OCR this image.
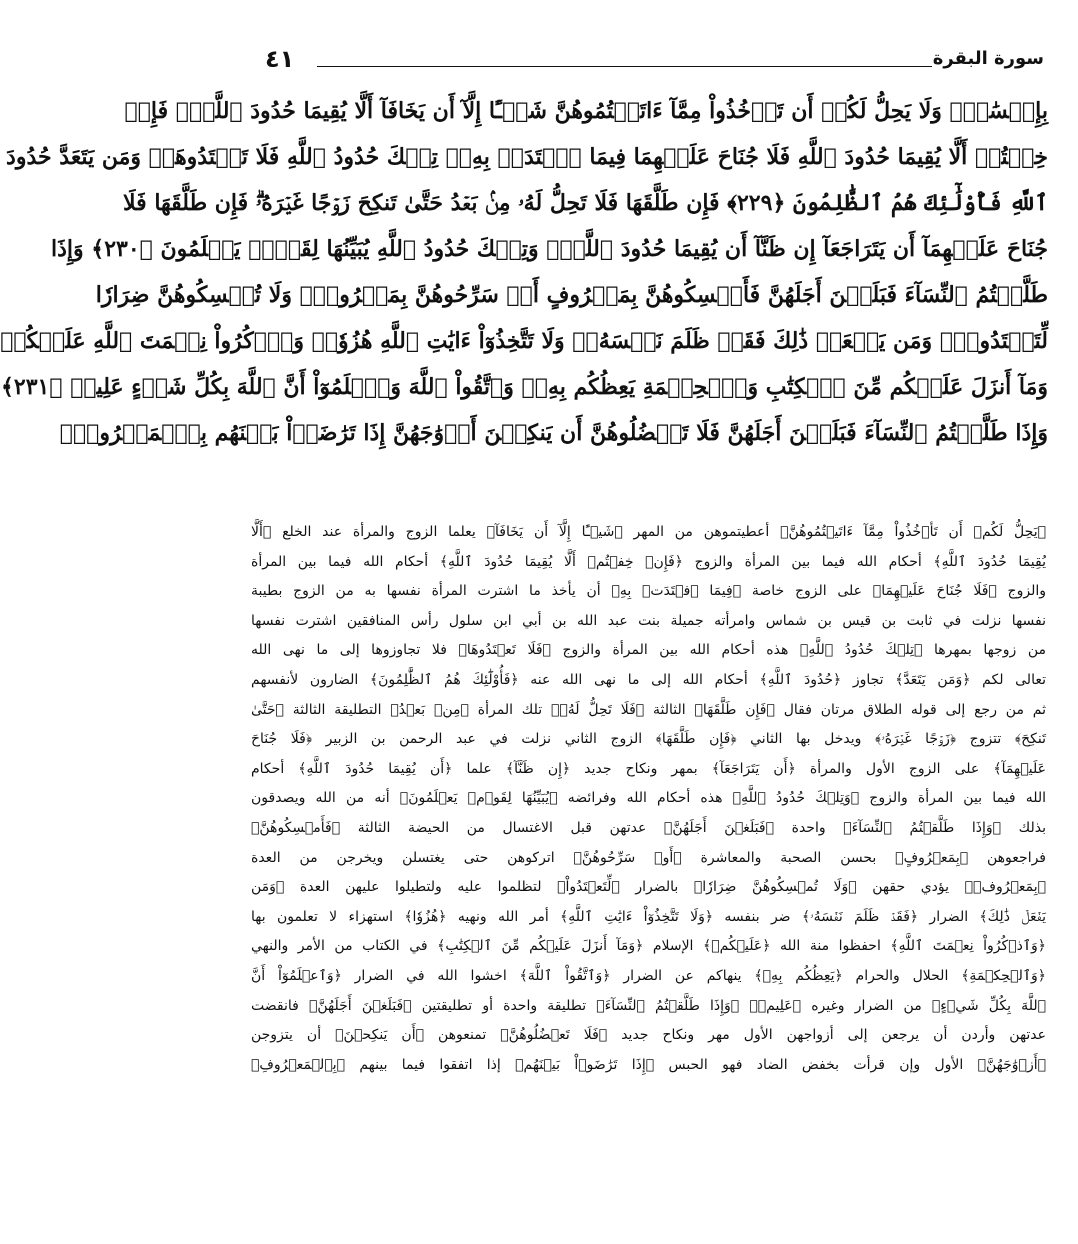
٤١	سورة البقرة
بِإِحۡسَٰنٖۗ وَلَا يَحِلُّ لَكُمۡ أَن تَأۡخُذُواْ مِمَّآ ءَاتَيۡتُمُوهُنَّ شَيۡـًٔا إِلَّآ أَن يَخَافَآ أَلَّا يُقِيمَا حُدُودَ ٱللَّهِۖ فَإِنۡ
خِفۡتُمۡ أَلَّا يُقِيمَا حُدُودَ ٱللَّهِ فَلَا جُنَاحَ عَلَيۡهِمَا فِيمَا ٱفۡتَدَتۡ بِهِۦۗ تِلۡكَ حُدُودُ ٱللَّهِ فَلَا تَعۡتَدُوهَاۚ وَمَن يَتَعَدَّ حُدُودَ
ٱللَّهِ فَأُوْلَٰٓئِكَ هُمُ ٱلظَّٰلِمُونَ ﴿٢٢٩﴾ فَإِن طَلَّقَهَا فَلَا تَحِلُّ لَهُۥ مِنۢ بَعۡدُ حَتَّىٰ تَنكِحَ زَوۡجًا غَيۡرَهُۥۗ فَإِن طَلَّقَهَا فَلَا
جُنَاحَ عَلَيۡهِمَآ أَن يَتَرَاجَعَآ إِن ظَنَّآ أَن يُقِيمَا حُدُودَ ٱللَّهِۗ وَتِلۡكَ حُدُودُ ٱللَّهِ يُبَيِّنُهَا لِقَوۡمٖ يَعۡلَمُونَ ﴿٢٣٠﴾ وَإِذَا
طَلَّقۡتُمُ ٱلنِّسَآءَ فَبَلَغۡنَ أَجَلَهُنَّ فَأَمۡسِكُوهُنَّ بِمَعۡرُوفٍ أَوۡ سَرِّحُوهُنَّ بِمَعۡرُوفٖۚ وَلَا تُمۡسِكُوهُنَّ ضِرَارٗا
لِّتَعۡتَدُواْۚ وَمَن يَفۡعَلۡ ذَٰلِكَ فَقَدۡ ظَلَمَ نَفۡسَهُۥۚ وَلَا تَتَّخِذُوٓاْ ءَايَٰتِ ٱللَّهِ هُزُوٗاۚ وَٱذۡكُرُواْ نِعۡمَتَ ٱللَّهِ عَلَيۡكُمۡ
وَمَآ أَنزَلَ عَلَيۡكُم مِّنَ ٱلۡكِتَٰبِ وَٱلۡحِكۡمَةِ يَعِظُكُم بِهِۦۚ وَٱتَّقُواْ ٱللَّهَ وَٱعۡلَمُوٓاْ أَنَّ ٱللَّهَ بِكُلِّ شَيۡءٍ عَلِيمٞ ﴿٢٣١﴾
وَإِذَا طَلَّقۡتُمُ ٱلنِّسَآءَ فَبَلَغۡنَ أَجَلَهُنَّ فَلَا تَعۡضُلُوهُنَّ أَن يَنكِحۡنَ أَزۡوَٰجَهُنَّ إِذَا تَرَٰضَوۡاْ بَيۡنَهُم بِٱلۡمَعۡرُوفِۗ
﴿يَحِلُّ لَكُمۡ أَن تَأۡخُذُواْ مِمَّآ ءَاتَيۡتُمُوهُنَّ﴾ أعطيتموهن من المهر ﴿شَيۡـًٔا إِلَّآ أَن يَخَافَآ﴾ يعلما الزوج والمرأة عند الخلع ﴿أَلَّا
يُقِيمَا حُدُودَ ٱللَّهِ﴾ أحكام الله فيما بين المرأة والزوج ﴿فَإِنۡ خِفۡتُمۡ أَلَّا يُقِيمَا حُدُودَ ٱللَّهِ﴾ أحكام الله فيما بين المرأة
والزوج ﴿فَلَا جُنَاحَ عَلَيۡهِمَا﴾ على الزوج خاصة ﴿فِيمَا ٱفۡتَدَتۡ بِهِ﴾ أن يأخذ ما اشترت المرأة نفسها به من الزوج بطيبة
نفسها نزلت في ثابت بن قيس بن شماس وامرأته جميلة بنت عبد الله بن أبي ابن سلول رأس المنافقين اشترت نفسها
من زوجها بمهرها ﴿تِلۡكَ حُدُودُ ٱللَّهِ﴾ هذه أحكام الله بين المرأة والزوج ﴿فَلَا تَعۡتَدُوهَا﴾ فلا تجاوزوها إلى ما نهى الله
تعالى لكم ﴿وَمَن يَتَعَدَّ﴾ تجاوز ﴿حُدُودَ ٱللَّهِ﴾ أحكام الله إلى ما نهى الله عنه ﴿فَأُوْلَٰٓئِكَ هُمُ ٱلظَّٰلِمُونَ﴾ الضارون لأنفسهم
ثم من رجع إلى قوله الطلاق مرتان فقال ﴿فَإِن طَلَّقَهَا﴾ الثالثة ﴿فَلَا تَحِلُّ لَهُۥ﴾ تلك المرأة ﴿مِنۢ بَعۡدُ﴾ التطليقة الثالثة ﴿حَتَّىٰ
تَنكِحَ﴾ تتزوج ﴿زَوۡجًا غَيۡرَهُۥ﴾ ويدخل بها الثاني ﴿فَإِن طَلَّقَهَا﴾ الزوج الثاني نزلت في عبد الرحمن بن الزبير ﴿فَلَا جُنَاحَ
عَلَيۡهِمَآ﴾ على الزوج الأول والمرأة ﴿أَن يَتَرَاجَعَآ﴾ بمهر ونكاح جديد ﴿إِن ظَنَّآ﴾ علما ﴿أَن يُقِيمَا حُدُودَ ٱللَّهِ﴾ أحكام
الله فيما بين المرأة والزوج ﴿وَتِلۡكَ حُدُودُ ٱللَّهِ﴾ هذه أحكام الله وفرائضه ﴿يُبَيِّنُهَا لِقَوۡمٖ يَعۡلَمُونَ﴾ أنه من الله ويصدقون
بذلك ﴿وَإِذَا طَلَّقۡتُمُ ٱلنِّسَآءَ﴾ واحدة ﴿فَبَلَغۡنَ أَجَلَهُنَّ﴾ عدتهن قبل الاغتسال من الحيضة الثالثة ﴿فَأَمۡسِكُوهُنَّ﴾
فراجعوهن ﴿بِمَعۡرُوفٍ﴾ بحسن الصحبة والمعاشرة ﴿أَوۡ سَرِّحُوهُنَّ﴾ اتركوهن حتى يغتسلن ويخرجن من العدة
﴿بِمَعۡرُوفٖ﴾ يؤدي حقهن ﴿وَلَا تُمۡسِكُوهُنَّ ضِرَارٗا﴾ بالضرار ﴿لِّتَعۡتَدُواْ﴾ لتظلموا عليه ولتطيلوا عليهن العدة ﴿وَمَن
يَفۡعَلۡ ذَٰلِكَ﴾ الضرار ﴿فَقَدۡ ظَلَمَ نَفۡسَهُۥ﴾ ضر بنفسه ﴿وَلَا تَتَّخِذُوٓاْ ءَايَٰتِ ٱللَّهِ﴾ أمر الله ونهيه ﴿هُزُوٗا﴾ استهزاء لا تعلمون بها
﴿وَٱذۡكُرُواْ نِعۡمَتَ ٱللَّهِ﴾ احفظوا منة الله ﴿عَلَيۡكُمۡ﴾ الإسلام ﴿وَمَآ أَنزَلَ عَلَيۡكُم مِّنَ ٱلۡكِتَٰبِ﴾ في الكتاب من الأمر والنهي
﴿وَٱلۡحِكۡمَةِ﴾ الحلال والحرام ﴿يَعِظُكُم بِهِۦ﴾ ينهاكم عن الضرار ﴿وَٱتَّقُواْ ٱللَّهَ﴾ اخشوا الله في الضرار ﴿وَٱعۡلَمُوٓاْ أَنَّ
ٱللَّهَ بِكُلِّ شَيۡءٍ﴾ من الضرار وغيره ﴿عَلِيمٞ﴾ ﴿وَإِذَا طَلَّقۡتُمُ ٱلنِّسَآءَ﴾ تطليقة واحدة أو تطليقتين ﴿فَبَلَغۡنَ أَجَلَهُنَّ﴾ فانقضت
عدتهن وأردن أن يرجعن إلى أزواجهن الأول مهر ونكاح جديد ﴿فَلَا تَعۡضُلُوهُنَّ﴾ تمنعوهن ﴿أَن يَنكِحۡنَ﴾ أن يتزوجن
﴿أَزۡوَٰجَهُنَّ﴾ الأول وإن قرأت بخفض الضاد فهو الحبس ﴿إِذَا تَرَٰضَوۡاْ بَيۡنَهُم﴾ إذا اتفقوا فيما بينهم ﴿بِٱلۡمَعۡرُوفِ﴾
